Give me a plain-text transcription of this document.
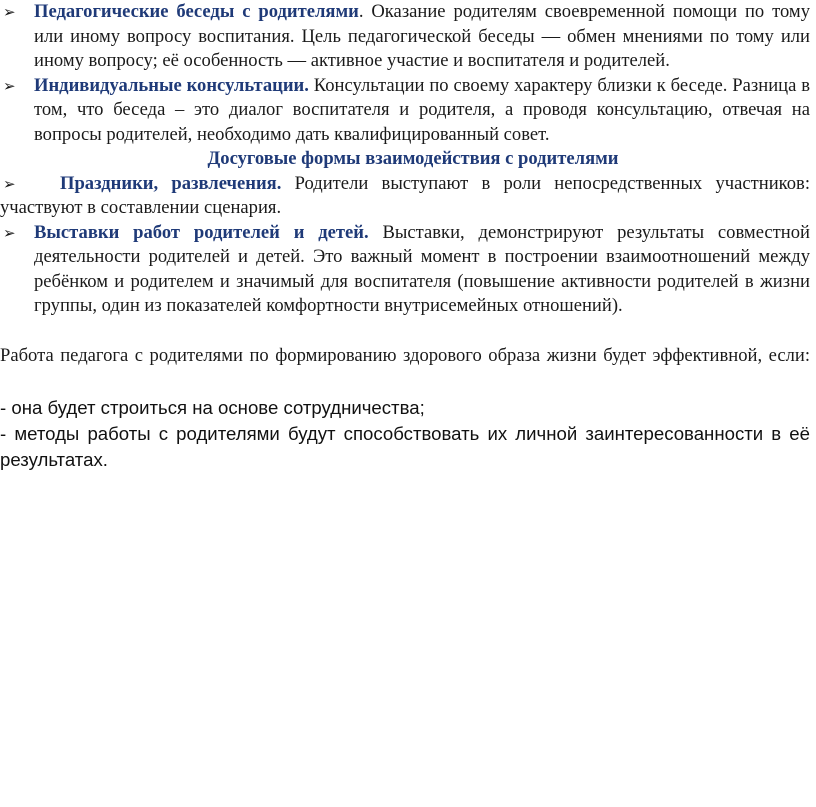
➢ Педагогические беседы с родителями. Оказание родителям своевременной помощи по тому или иному вопросу воспитания. Цель педагогической беседы — обмен мнениями по тому или иному вопросу; её особенность — активное участие и воспитателя и родителей.
➢ Индивидуальные консультации. Консультации по своему характеру близки к беседе. Разница в том, что беседа – это диалог воспитателя и родителя, а проводя консультацию, отвечая на вопросы родителей, необходимо дать квалифицированный совет.
Досуговые формы взаимодействия с родителями
➢ Праздники, развлечения. Родители выступают в роли непосредственных участников: участвуют в составлении сценария.
➢ Выставки работ родителей и детей. Выставки, демонстрируют результаты совместной деятельности родителей и детей. Это важный момент в построении взаимоотношений между ребёнком и родителем и значимый для воспитателя (повышение активности родителей в жизни группы, один из показателей комфортности внутрисемейных отношений).
Работа педагога с родителями по формированию здорового образа жизни будет эффективной, если:
- она будет строиться на основе сотрудничества;
- методы работы с родителями будут способствовать их личной заинтересованности в её результатах.
